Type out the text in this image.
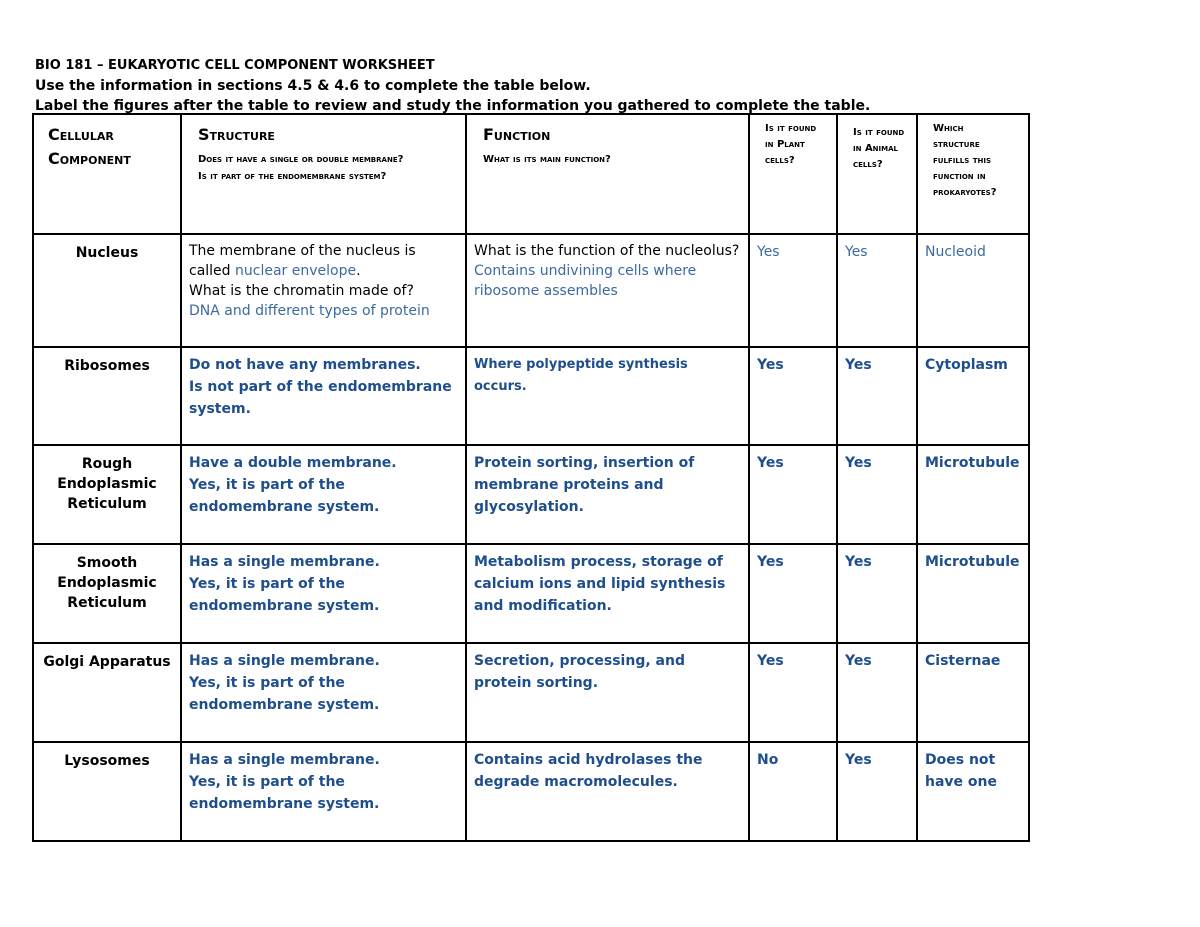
BIO 181 – EUKARYOTIC CELL COMPONENT WORKSHEET
Use the information in sections 4.5 & 4.6 to complete the table below.
Label the figures after the table to review and study the information you gathered to complete the table.
Cellular
Component	Structure
Does it have a single or double membrane?
Is it part of the endomembrane system?	Function
What is its main function?	Is it found in Plant cells?	Is it found in Animal cells?	Which structure fulfills this function in prokaryotes?

Nucleus	The membrane of the nucleus is called nuclear envelope.
What is the chromatin made of?
DNA and different types of protein	What is the function of the nucleolus?
Contains undivining cells where ribosome assembles	Yes	Yes	Nucleoid
Ribosomes	Do not have any membranes.
Is not part of the endomembrane system.	Where polypeptide synthesis occurs.	Yes	Yes	Cytoplasm
Rough
Endoplasmic
Reticulum	Have a double membrane.
Yes, it is part of the endomembrane system.	Protein sorting, insertion of membrane proteins and glycosylation.	Yes	Yes	Microtubule
Smooth
Endoplasmic
Reticulum	Has a single membrane.
Yes, it is part of the endomembrane system.	Metabolism process, storage of calcium ions and lipid synthesis and modification.	Yes	Yes	Microtubule
Golgi Apparatus	Has a single membrane.
Yes, it is part of the endomembrane system.	Secretion, processing, and protein sorting.	Yes	Yes	Cisternae
Lysosomes	Has a single membrane.
Yes, it is part of the endomembrane system.	Contains acid hydrolases the degrade macromolecules.	No	Yes	Does not have one
